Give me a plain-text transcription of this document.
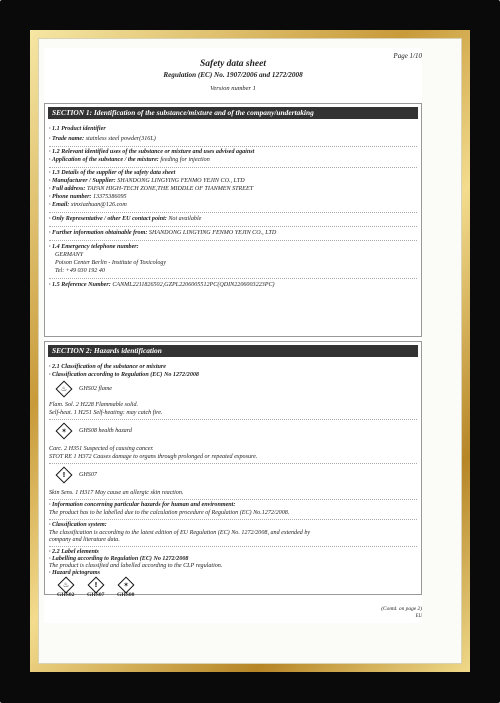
Page 1/10
Safety data sheet
Regulation (EC) No. 1907/2006 and 1272/2008
Version number 1
SECTION 1: Identification of the substance/mixture and of the company/undertaking
· 1.1 Product identifier
· Trade name: stainless steel powder(316L)
· 1.2 Relevant identified uses of the substance or mixture and uses advised against
· Application of the substance / the mixture: feeding for injection
· 1.3 Details of the supplier of the safety data sheet
· Manufacturer / Supplier: SHANDONG LINGYING FENMO YEJIN CO., LTD
· Full address: TAFAN HIGH-TECH ZONE,THE MIDDLE OF TIANMEN STREET
· Phone number: 13375386095
· Email: xinxiazhuan@126.com
· Only Representative / other EU contact point: Not available
· Further information obtainable from: SHANDONG LINGYING FENMO YEJIN CO., LTD
· 1.4 Emergency telephone number:
GERMANY
Poison Center Berlin - Institute of Toxicology
Tel: +49 030 192 40
· 1.5 Reference Number: CANML2211826502,GZPL2206005512PC(QDIN2206003223PC)
SECTION 2: Hazards identification
· 2.1 Classification of the substance or mixture
· Classification according to Regulation (EC) No 1272/2008
♨	GHS02 flame
Flam. Sol. 2 H228 Flammable solid.
Self-heat. 1 H251 Self-heating: may catch fire.
✶	GHS08 health hazard
Carc. 2 H351 Suspected of causing cancer.
STOT RE 1 H372 Causes damage to organs through prolonged or repeated exposure.
!	GHS07
Skin Sens. 1 H317 May cause an allergic skin reaction.
· Information concerning particular hazards for human and environment:
The product has to be labelled due to the calculation procedure of Regulation (EC) No.1272/2008.
· Classification system:
The classification is according to the latest edition of EU Regulation (EC) No. 1272/2008, and extended by
company and literature data.
· 2.2 Label elements
· Labelling according to Regulation (EC) No 1272/2008
The product is classified and labelled according to the CLP regulation.
· Hazard pictograms
♨	!	✶
GHS02 GHS07 GHS08
(Contd. on page 2)
EU
